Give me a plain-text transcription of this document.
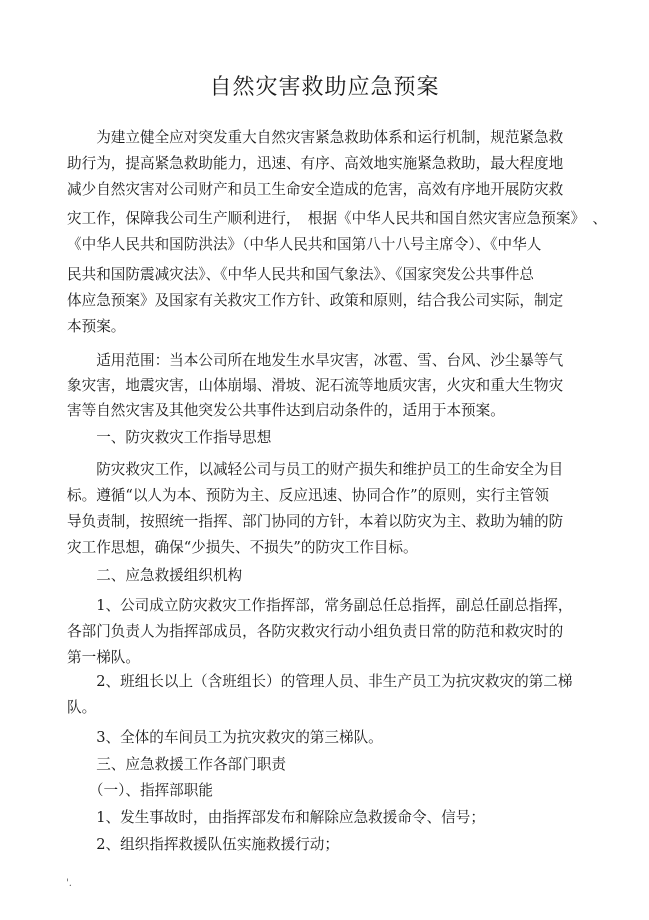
自然灾害救助应急预案
　　为建立健全应对突发重大自然灾害紧急救助体系和运行机制，规范紧急救
助行为，提高紧急救助能力，迅速、有序、高效地实施紧急救助，最大程度地
减少自然灾害对公司财产和员工生命安全造成的危害，高效有序地开展防灾救
灾工作，保障我公司生产顺利进行，　根据《中华人民共和国自然灾害应急预案》　、
《中华人民共和国防洪法》（中华人民共和国第八十八号主席令）、《中华人
民共和国防震减灾法》、《中华人民共和国气象法》、《国家突发公共事件总
体应急预案》及国家有关救灾工作方针、政策和原则，结合我公司实际，制定
本预案。
　　适用范围：当本公司所在地发生水旱灾害，冰雹、雪、台风、沙尘暴等气
象灾害，地震灾害，山体崩塌、滑坡、泥石流等地质灾害，火灾和重大生物灾
害等自然灾害及其他突发公共事件达到启动条件的，适用于本预案。
　　一、防灾救灾工作指导思想
　　防灾救灾工作，以减轻公司与员工的财产损失和维护员工的生命安全为目
标。遵循“以人为本、预防为主、反应迅速、协同合作”的原则，实行主管领
导负责制，按照统一指挥、部门协同的方针，本着以防灾为主、救助为辅的防
灾工作思想，确保“少损失、不损失”的防灾工作目标。
　　二、应急救援组织机构
　　1、公司成立防灾救灾工作指挥部，常务副总任总指挥，副总任副总指挥，
各部门负责人为指挥部成员，各防灾救灾行动小组负责日常的防范和救灾时的
第一梯队。
　　2、班组长以上（含班组长）的管理人员、非生产员工为抗灾救灾的第二梯
队。
　　3、全体的车间员工为抗灾救灾的第三梯队。
　　三、应急救援工作各部门职责
　　（一）、指挥部职能
　　1、发生事故时，由指挥部发布和解除应急救援命令、信号；
　　2、组织指挥救援队伍实施救援行动；
'.
